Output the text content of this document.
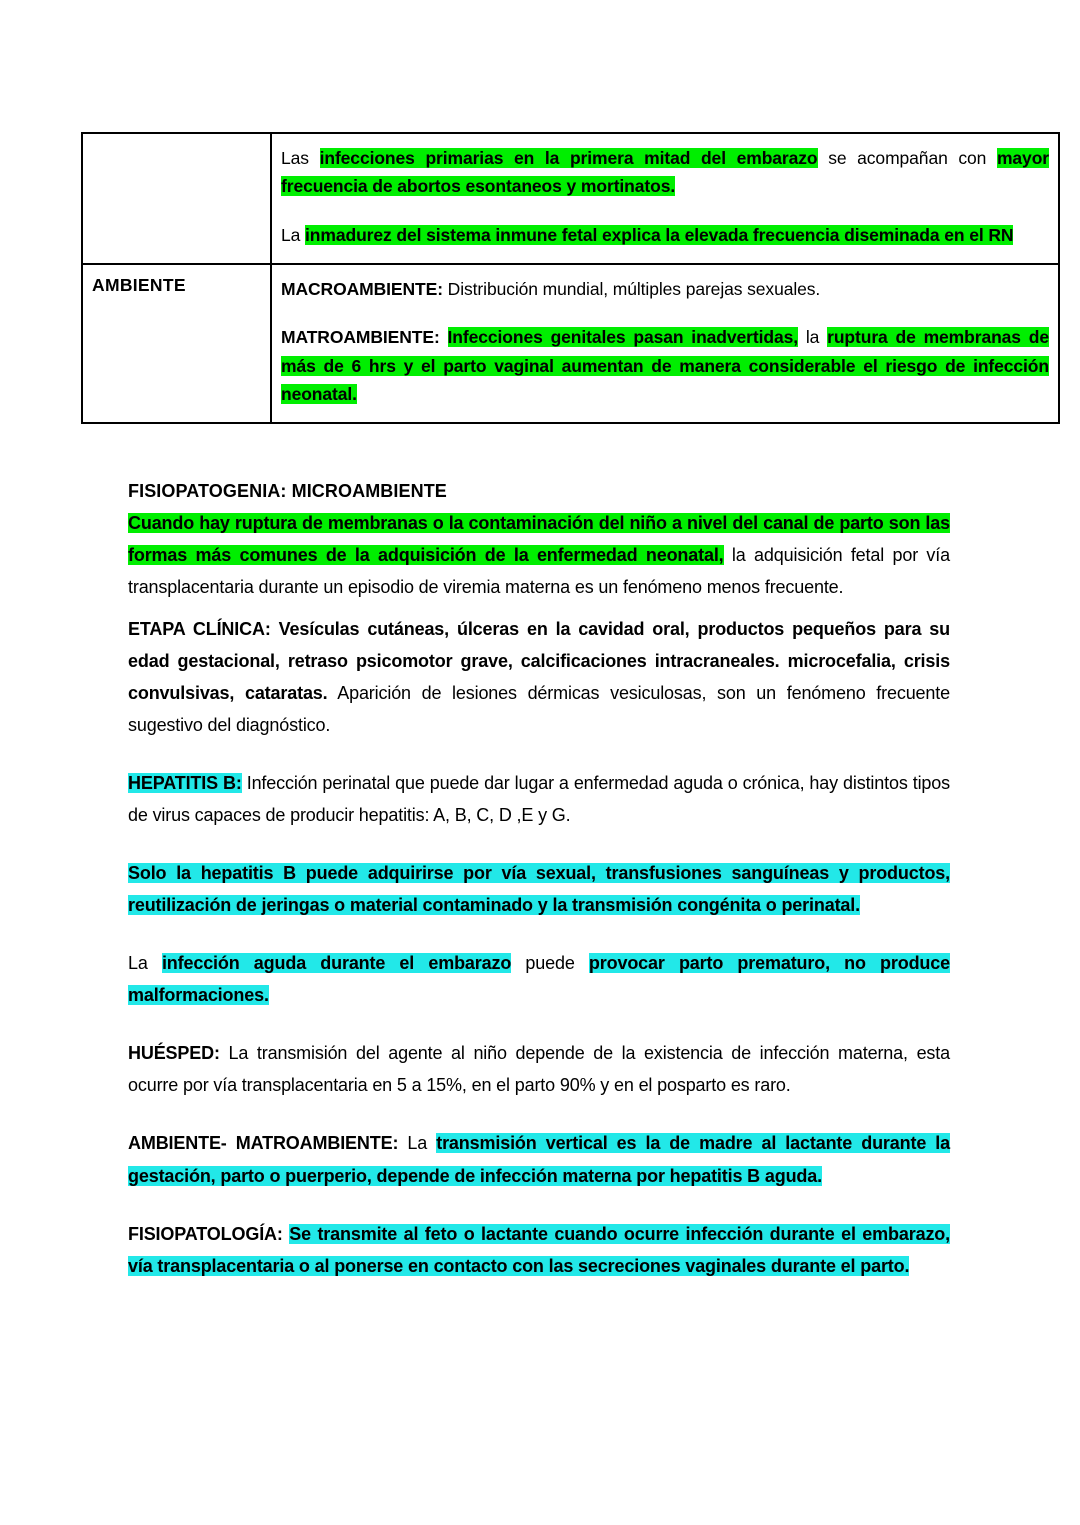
	Las infecciones primarias en la primera mitad del embarazo se acompañan con mayor frecuencia de abortos esontaneos y mortinatos.

La inmadurez del sistema inmune fetal explica la elevada frecuencia diseminada en el RN

AMBIENTE	MACROAMBIENTE: Distribución mundial, múltiples parejas sexuales.

MATROAMBIENTE: Infecciones genitales pasan inadvertidas, la ruptura de membranas de más de 6 hrs y el parto vaginal aumentan de manera considerable el riesgo de infección neonatal.

FISIOPATOGENIA: MICROAMBIENTE

Cuando hay ruptura de membranas o la contaminación del niño a nivel del canal de parto son las formas más comunes de la adquisición de la enfermedad neonatal, la adquisición fetal por vía transplacentaria durante un episodio de viremia materna es un fenómeno menos frecuente.

ETAPA CLÍNICA: Vesículas cutáneas, úlceras en la cavidad oral, productos pequeños para su edad gestacional, retraso psicomotor grave, calcificaciones intracraneales. microcefalia, crisis convulsivas, cataratas. Aparición de lesiones dérmicas vesiculosas, son un fenómeno frecuente sugestivo del diagnóstico.

HEPATITIS B: Infección perinatal que puede dar lugar a enfermedad aguda o crónica, hay distintos tipos de virus capaces de producir hepatitis: A, B, C, D ,E y G.

Solo la hepatitis B puede adquirirse por vía sexual, transfusiones sanguíneas y productos, reutilización de jeringas o material contaminado y la transmisión congénita o perinatal.

La infección aguda durante el embarazo puede provocar parto prematuro, no produce malformaciones.

HUÉSPED: La transmisión del agente al niño depende de la existencia de infección materna, esta ocurre por vía transplacentaria en 5 a 15%, en el parto 90% y en el posparto es raro.

AMBIENTE- MATROAMBIENTE: La transmisión vertical es la de madre al lactante durante la gestación, parto o puerperio, depende de infección materna por hepatitis B aguda.

FISIOPATOLOGÍA: Se transmite al feto o lactante cuando ocurre infección durante el embarazo, vía transplacentaria o al ponerse en contacto con las secreciones vaginales durante el parto.
